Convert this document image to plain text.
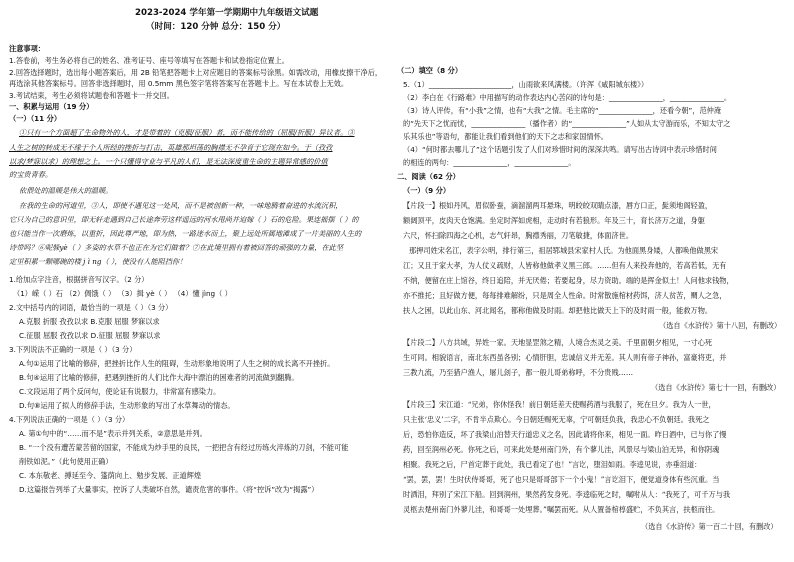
2023-2024 学年第一学期期中九年级语文试题
（时间：120 分钟 总分：150 分）
注意事项：
1.答卷前，考生务必将自己的姓名、准考证号、座号等填写在答题卡和试卷指定位置上。
2.回答选择题时，选出每小题答案后，用 2B 铅笔把答题卡上对应题目的答案标号涂黑。如需改动，用橡皮擦干净后，
再选涂其他答案标号。回答非选择题时，用 0.5mm 黑色签字笔将答案写在答题卡上。写在本试卷上无效。
3.考试结束，考生必须将试题卷和答题卡一并交回。
一、积累与运用（19 分）
（一）（11 分）
①只有一个方面超了生命物外的人，才是带着的（克服/征服）者，而不能传给的（屈服/折服）异议者。③
人生之树的转成无不缘于个人所经的挫折与打击，英雄那坦荡的胸襟无不孕育于它现在如今。于（孜孜
以求/梦寐以求）的理想之上。一个只懂得守业与平凡的人们，是无法深度重生命的主题异常感的价值
的宝贵青春。
依偎处的温暖是伟大的温暖。
在我的生命的河道里，③人，即使不遇见这一处风，而不是被创新一种，一味地腾着奋进的水流沉积，
它只为自己的意识里，即无轩走遇到自己长途奔劳这样遥远的河水甩尚并迫嫁（ ）石的危险。果连摇摆（ ）的
也只能当作一次磨炼，以重折，因此尊严地，即为热，一路迷水而上，聚上远处所属地滩成了一片美丽的人生的
诗带吗？⑥呢躲yè（ ）多姿的水草不也正在为它们做着？⑦在此境里拥有着被回答的顽强的力量，在此坚
定里积累一颗哪碗的楼 j ì ng（ ），使没有人能阻挡你！
1.给加点字注音，根据拼音写汉字。（2 分）
（1）嵘（ ）石 （2）倜饿（ ） （3）揖 yè（ ） （4）懂 jìng（ ）
2.文中括号内的词语，最恰当的一项是（ ）（3 分）
A.克服 折服 孜孜以求 B.克服 屈服 梦寐以求
C.征服 屈服 孜孜以求 D.征服 屈服 梦寐以求
3.下列说法不正确的一项是（ ）（3 分）
A.句①运用了比喻的修辞，把挫折比作人生的阻碍，生动形象地说明了人生之树的成长离不开挫折。
B.句④运用了比喻的修辞，把遇到挫折的人们比作大海中漂泊的困难者的河流做到翻腾。
C.文段运用了两个反问句，使论证有说服力，非常富有感染力。
D.句⑧运用了拟人的修辞手法，生动形象的写出了水草舞动的情态。
4.下列说法正确的一项是（ ）（3 分）
A. 第①句中的“……而不是”表示并列关系，②意思是并列。
B. “一个没有遭苦蒙苦留的国家，不能成为炒手里的良民，一把把含有经过历练火淬炼的刀剑，不能可能
削铁如泥。”（此句使用正确）
C. 本东敬老、搏延至今、篷荫向上、勉步发展、正道辉煌
D.这篇报告列举了大量事实，控诉了人类破坏自然，谴责危害的事件。（将“控诉”改为“揭露”）
（二）填空（8 分）
5.（1）_______________________，山雨欲来风满楼。（许浑《咸阳城东楼》）
（2）李白在《行路难》中用描写的动作表达内心苦闷的诗句是：_______________，_______________。
（3）诗人评传，有“小我”之情，也有“大我”之情。毛主席的“_______________，还看今朝”，范仲淹
的“先天下之忧而忧，_______________（播作者）的“_______________”人如从太守游而乐，不知太守之
乐其乐也”等语句，都能让我们看到他们的天下之志和家国情怀。
（4）“何时都去哪儿了”这个话题引发了人们对珍惜时间的深深共鸣。请写出古诗词中表示珍惜时间
的相连的两句：_______________，_______________。
二、阅读（62 分）
（一）（9 分）
【片段一】根如丹风，眉似卧蚕，滴溜溜两耳悬珠，明皎皎双睛点漆，唇方口正，髭须地阁轻盈，
额阔顶平，皮肉天仓饱满。坐定时浑如虎相，走动时有若狼形。年及三十，育长济万之道，身躯
六尺，怀扫除四海之心机，志气轩昂，胸襟秀丽，刀笔敏捷，体面济世。
那押司姓宋名江，表字公明，排行第三，祖居郓城县宋家村人氏。为他面黑身矮，人都唤他做黑宋
江；又且于家大孝，为人仗义疏财，人皆称他做孝义黑三郎。……但有人来投奔他的，若高若低，无有
不纳，便留在庄上馆谷，终日追陪，并无厌倦；若要起身，尽力资助。端的是挥金似土！人问他求钱物，
亦不推托；且好做方便，每每排难解纷，只是周全人性命。时常散施棺材药饵，济人贫苦，赒人之急，
扶人之困，以此山东、河北闻名，都称他做及时雨。却把他比做天上下的及时雨一般，能救万物。
（选自《水浒传》第十八回，有删改）
【片段二】八方共域，异姓一家。天地显罡煞之精，人境合杰灵之美。千里面朝夕相见，一寸心死
生可同。相貌语言，南北东西虽各别；心情肝胆，忠诚信义并无差。其人则有帝子神孙，富豪将吏，并
三教九流，乃至猎户渔人，屠儿刽子，都一般儿哥弟称呼，不分贵贱……
（选自《水浒传》第七十一回，有删改）
【片段三】宋江道：“兄弟，你休怪我！前日朝廷差天使赐药酒与我服了，死在旦夕。我为人一世，
只主张‘忠义’二字，不肯半点欺心。今日朝廷赐死无辜，宁可朝廷负我，我忠心不负朝廷。我死之
后，恐怕你造反，坏了我梁山泊替天行道忠义之名，因此请将你来，相见一面。昨日酒中，已与你了慢
药，回至润州必死。你死之后，可来此处楚州南门外，有个蓼儿洼，风景尽与梁山泊无异，和你阴魂
相聚。我死之后，尸首定葬于此处，我已看定了也！”言讫，堕泪如雨。李逵见说，亦垂泪道：
“罢，罢，罢！生时伏侍哥哥，死了也只是哥哥部下一个小鬼！”言讫泪下，便觉道身体有些沉重。当
时洒泪，拜别了宋江下船。回到润州，果然药发身死。李逵临死之时，嘱咐从人：“我死了，可千万与我
灵柩去楚州南门外蓼儿洼，和哥哥一处埋葬。”嘱罢而死。从人置备棺椁盛贮，不负其言，扶柩而往。
（选自《水浒传》第一百二十回，有删改）
